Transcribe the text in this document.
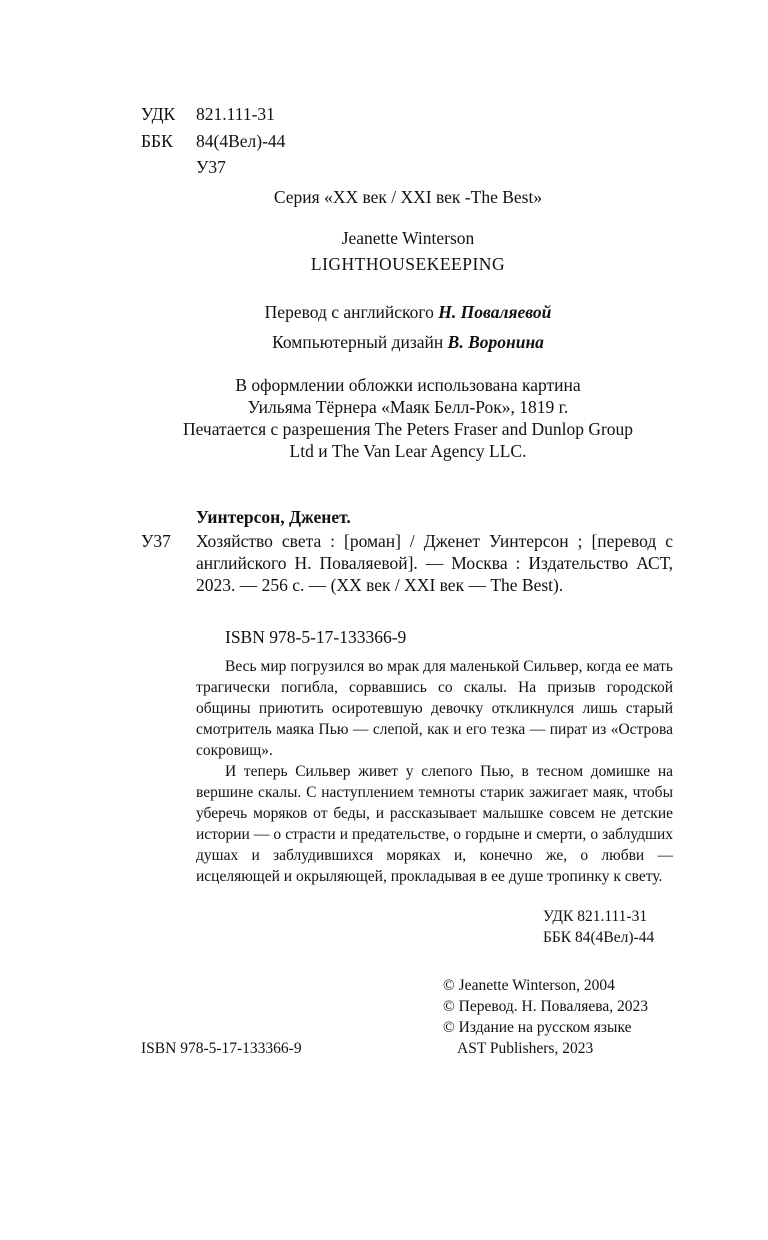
УДК 821.111-31
ББК 84(4Вел)-44
У37
Серия «XX век / XXI век -The Best»
Jeanette Winterson
LIGHTHOUSEKEEPING
Перевод с английского Н. Поваляевой
Компьютерный дизайн В. Воронина
В оформлении обложки использована картина
Уильяма Тёрнера «Маяк Белл-Рок», 1819 г.
Печатается с разрешения The Peters Fraser and Dunlop Group
Ltd и The Van Lear Agency LLC.
Уинтерсон, Дженет.
У37 Хозяйство света : [роман] / Дженет Уинтерсон ; [перевод с английского Н. Поваляевой]. — Москва : Издательство АСТ, 2023. — 256 с. — (XX век / XXI век — The Best).
ISBN 978-5-17-133366-9
Весь мир погрузился во мрак для маленькой Сильвер, когда ее мать трагически погибла, сорвавшись со скалы. На призыв городской общины приютить осиротевшую девочку откликнулся лишь старый смотритель маяка Пью — слепой, как и его тезка — пират из «Острова сокровищ».
И теперь Сильвер живет у слепого Пью, в тесном домишке на вершине скалы. С наступлением темноты старик зажигает маяк, чтобы уберечь моряков от беды, и рассказывает малышке совсем не детские истории — о страсти и предательстве, о гордыне и смерти, о заблудших душах и заблудившихся моряках и, конечно же, о любви — исцеляющей и окрыляющей, прокладывая в ее душе тропинку к свету.
УДК 821.111-31
ББК 84(4Вел)-44
© Jeanette Winterson, 2004
© Перевод. Н. Поваляева, 2023
© Издание на русском языке
AST Publishers, 2023
ISBN 978-5-17-133366-9
